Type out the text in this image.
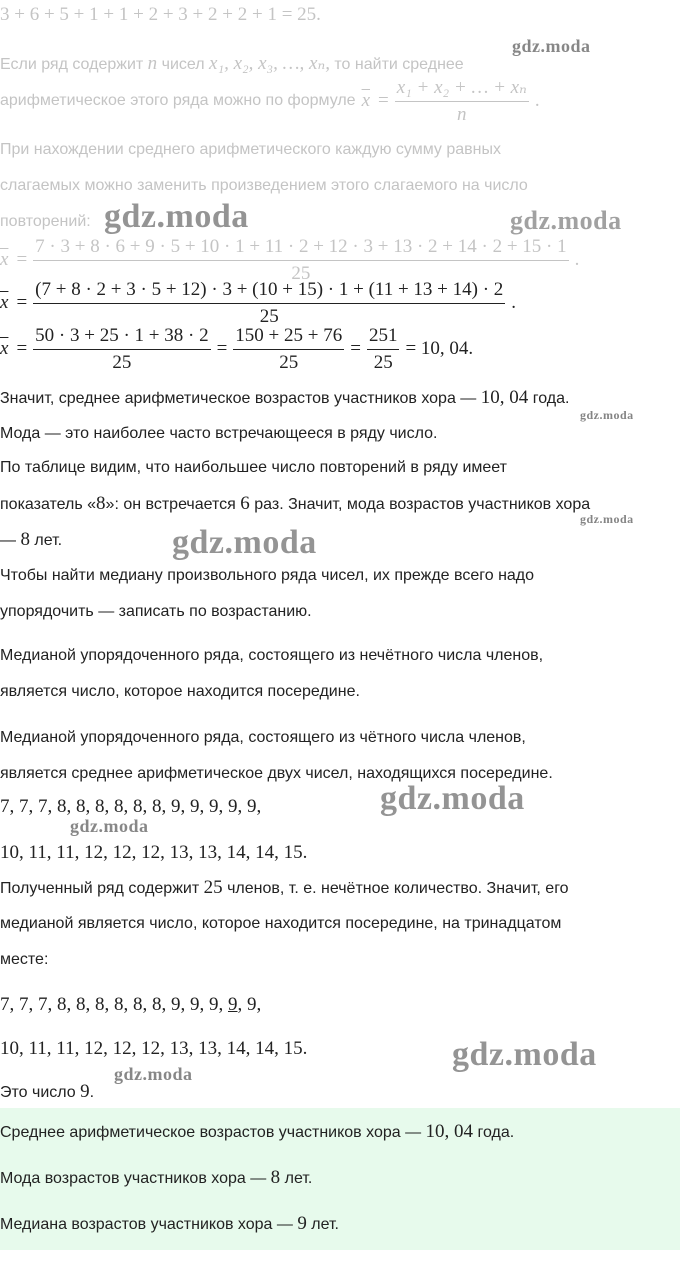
3 + 6 + 5 + 1 + 1 + 2 + 3 + 2 + 2 + 1 = 25.
Если ряд содержит n чисел x₁, x₂, x₃, …, xₙ, то найти среднее
арифметическое этого ряда можно по формуле $\overline{x} = \frac{\text{x₁ + x₂ + … + xₙ}}{n}$ .
При нахождении среднего арифметического каждую сумму равных
слагаемых можно заменить произведением этого слагаемого на число
повторений:
$\overline{x}$ =
7 · 3 + 8 · 6 + 9 · 5 + 10 · 1 + 11 · 2 + 12 · 3 + 13 · 2 + 14 · 2 + 15 · 1
25
.
$\overline{x}$ =
(7 + 8 · 2 + 3 · 5 + 12) · 3 + (10 + 15) · 1 + (11 + 13 + 14) · 2
25
.
$\overline{x} = \frac{50 \cdot 3 + 25 \cdot 1 + 38 \cdot 2}{25} = \frac{150 + 25 + 76}{25} = \frac{251}{25} = 10$, 04.
Значит, среднее арифметическое возрастов участников хора — 10, 04 года.
Мода — это наиболее часто встречающееся в ряду число.
По таблице видим, что наибольшее число повторений в ряду имеет
показатель «8»: он встречается 6 раз. Значит, мода возрастов участников хора
— 8 лет.
Чтобы найти медиану произвольного ряда чисел, их прежде всего надо
упорядочить — записать по возрастанию.
Медианой упорядоченного ряда, состоящего из нечётного числа членов,
является число, которое находится посередине.
Медианой упорядоченного ряда, состоящего из чётного числа членов,
является среднее арифметическое двух чисел, находящихся посередине.
7, 7, 7, 8, 8, 8, 8, 8, 8, 9, 9, 9, 9, 9,
10, 11, 11, 12, 12, 12, 13, 13, 14, 14, 15.
Полученный ряд содержит 25 членов, т. е. нечётное количество. Значит, его
медианой является число, которое находится посередине, на тринадцатом
месте:
7, 7, 7, 8, 8, 8, 8, 8, 8, 9, 9, 9, 9, 9,
10, 11, 11, 12, 12, 12, 13, 13, 14, 14, 15.
Это число 9.
Среднее арифметическое возрастов участников хора — 10, 04 года.
Мода возрастов участников хора — 8 лет.
Медиана возрастов участников хора — 9 лет.
gdz.moda
gdz.moda	gdz.moda
gdz.moda
gdz.moda
gdz.moda
gdz.moda
gdz.moda
gdz.moda
gdz.moda
